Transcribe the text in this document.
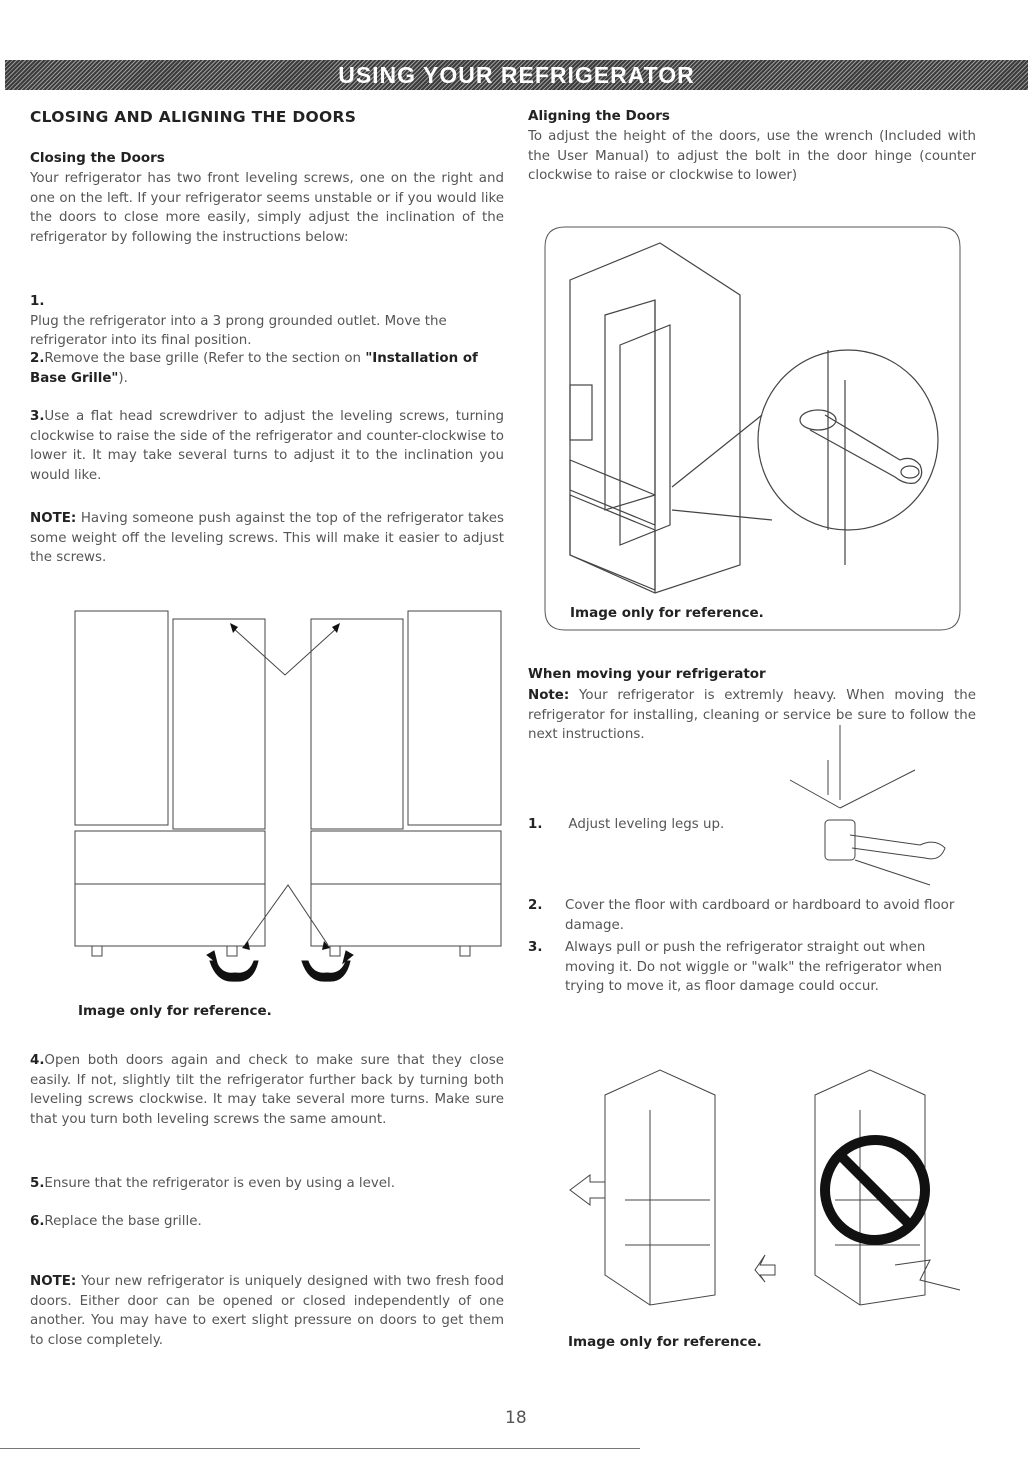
USING YOUR REFRIGERATOR
CLOSING AND ALIGNING THE DOORS
Closing the Doors
Your refrigerator has two front leveling screws, one on the right and one on the left. If your refrigerator seems unstable or if you would like the doors to close more easily, simply adjust the inclination of the refrigerator by following the instructions below:
1.Plug the refrigerator into a 3 prong grounded outlet. Move the refrigerator into its final position.
2.Remove the base grille (Refer to the section on "Installation of Base Grille").
3.Use a flat head screwdriver to adjust the leveling screws, turning clockwise to raise the side of the refrigerator and counter-clockwise to lower it. It may take several turns to adjust it to the inclination you would like.
NOTE: Having someone push against the top of the refrigerator takes some weight off the leveling screws. This will make it easier to adjust the screws.
Image only for reference.
4.Open both doors again and check to make sure that they close easily. If not, slightly tilt the refrigerator further back by turning both leveling screws clockwise. It may take several more turns. Make sure that you turn both leveling screws the same amount.
5.Ensure that the refrigerator is even by using a level.
6.Replace the base grille.
NOTE: Your new refrigerator is uniquely designed with two fresh food doors. Either door can be opened or closed independently of one another. You may have to exert slight pressure on doors to get them to close completely.
Aligning the Doors
To adjust the height of the doors, use the wrench (Included with the User Manual) to adjust the bolt in the door hinge (counter clockwise to raise or clockwise to lower)
Image only for reference.
When moving your refrigerator
Note: Your refrigerator is extremly heavy. When moving the refrigerator for installing, cleaning or service be sure to follow the next instructions.
1. Adjust leveling legs up.
2. Cover the floor with cardboard or hardboard to avoid floor damage.
3. Always pull or push the refrigerator straight out when moving it. Do not wiggle or "walk" the refrigerator when trying to move it, as floor damage could occur.
Image only for reference.
18
